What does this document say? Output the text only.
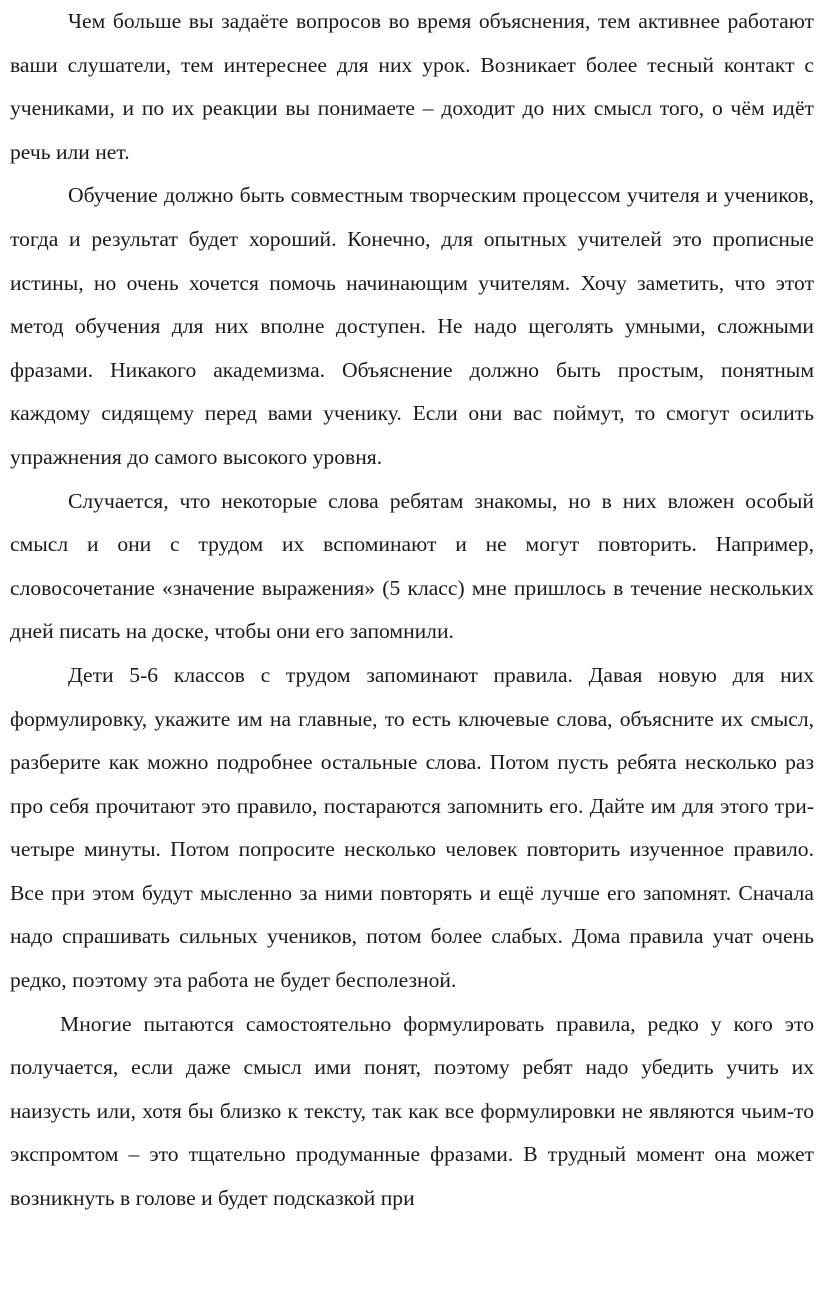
Чем больше вы задаёте вопросов во время объяснения, тем активнее работают ваши слушатели, тем интереснее для них урок. Возникает более тесный контакт с учениками, и по их реакции вы понимаете – доходит до них смысл того, о чём идёт речь или нет.

Обучение должно быть совместным творческим процессом учителя и учеников, тогда и результат будет хороший. Конечно, для опытных учителей это прописные истины, но очень хочется помочь начинающим учителям. Хочу заметить, что этот метод обучения для них вполне доступен. Не надо щеголять умными, сложными фразами. Никакого академизма. Объяснение должно быть простым, понятным каждому сидящему перед вами ученику. Если они вас поймут, то смогут осилить упражнения до самого высокого уровня.

Случается, что некоторые слова ребятам знакомы, но в них вложен особый смысл и они с трудом их вспоминают и не могут повторить. Например, словосочетание «значение выражения» (5 класс) мне пришлось в течение нескольких дней писать на доске, чтобы они его запомнили.

Дети 5-6 классов с трудом запоминают правила. Давая новую для них формулировку, укажите им на главные, то есть ключевые слова, объясните их смысл, разберите как можно подробнее остальные слова. Потом пусть ребята несколько раз про себя прочитают это правило, постараются запомнить его. Дайте им для этого три-четыре минуты. Потом попросите несколько человек повторить изученное правило. Все при этом будут мысленно за ними повторять и ещё лучше его запомнят. Сначала надо спрашивать сильных учеников, потом более слабых. Дома правила учат очень редко, поэтому эта работа не будет бесполезной.

Многие пытаются самостоятельно формулировать правила, редко у кого это получается, если даже смысл ими понят, поэтому ребят надо убедить учить их наизусть или, хотя бы близко к тексту, так как все формулировки не являются чьим-то экспромтом – это тщательно продуманные фразами. В трудный момент она может возникнуть в голове и будет подсказкой при
